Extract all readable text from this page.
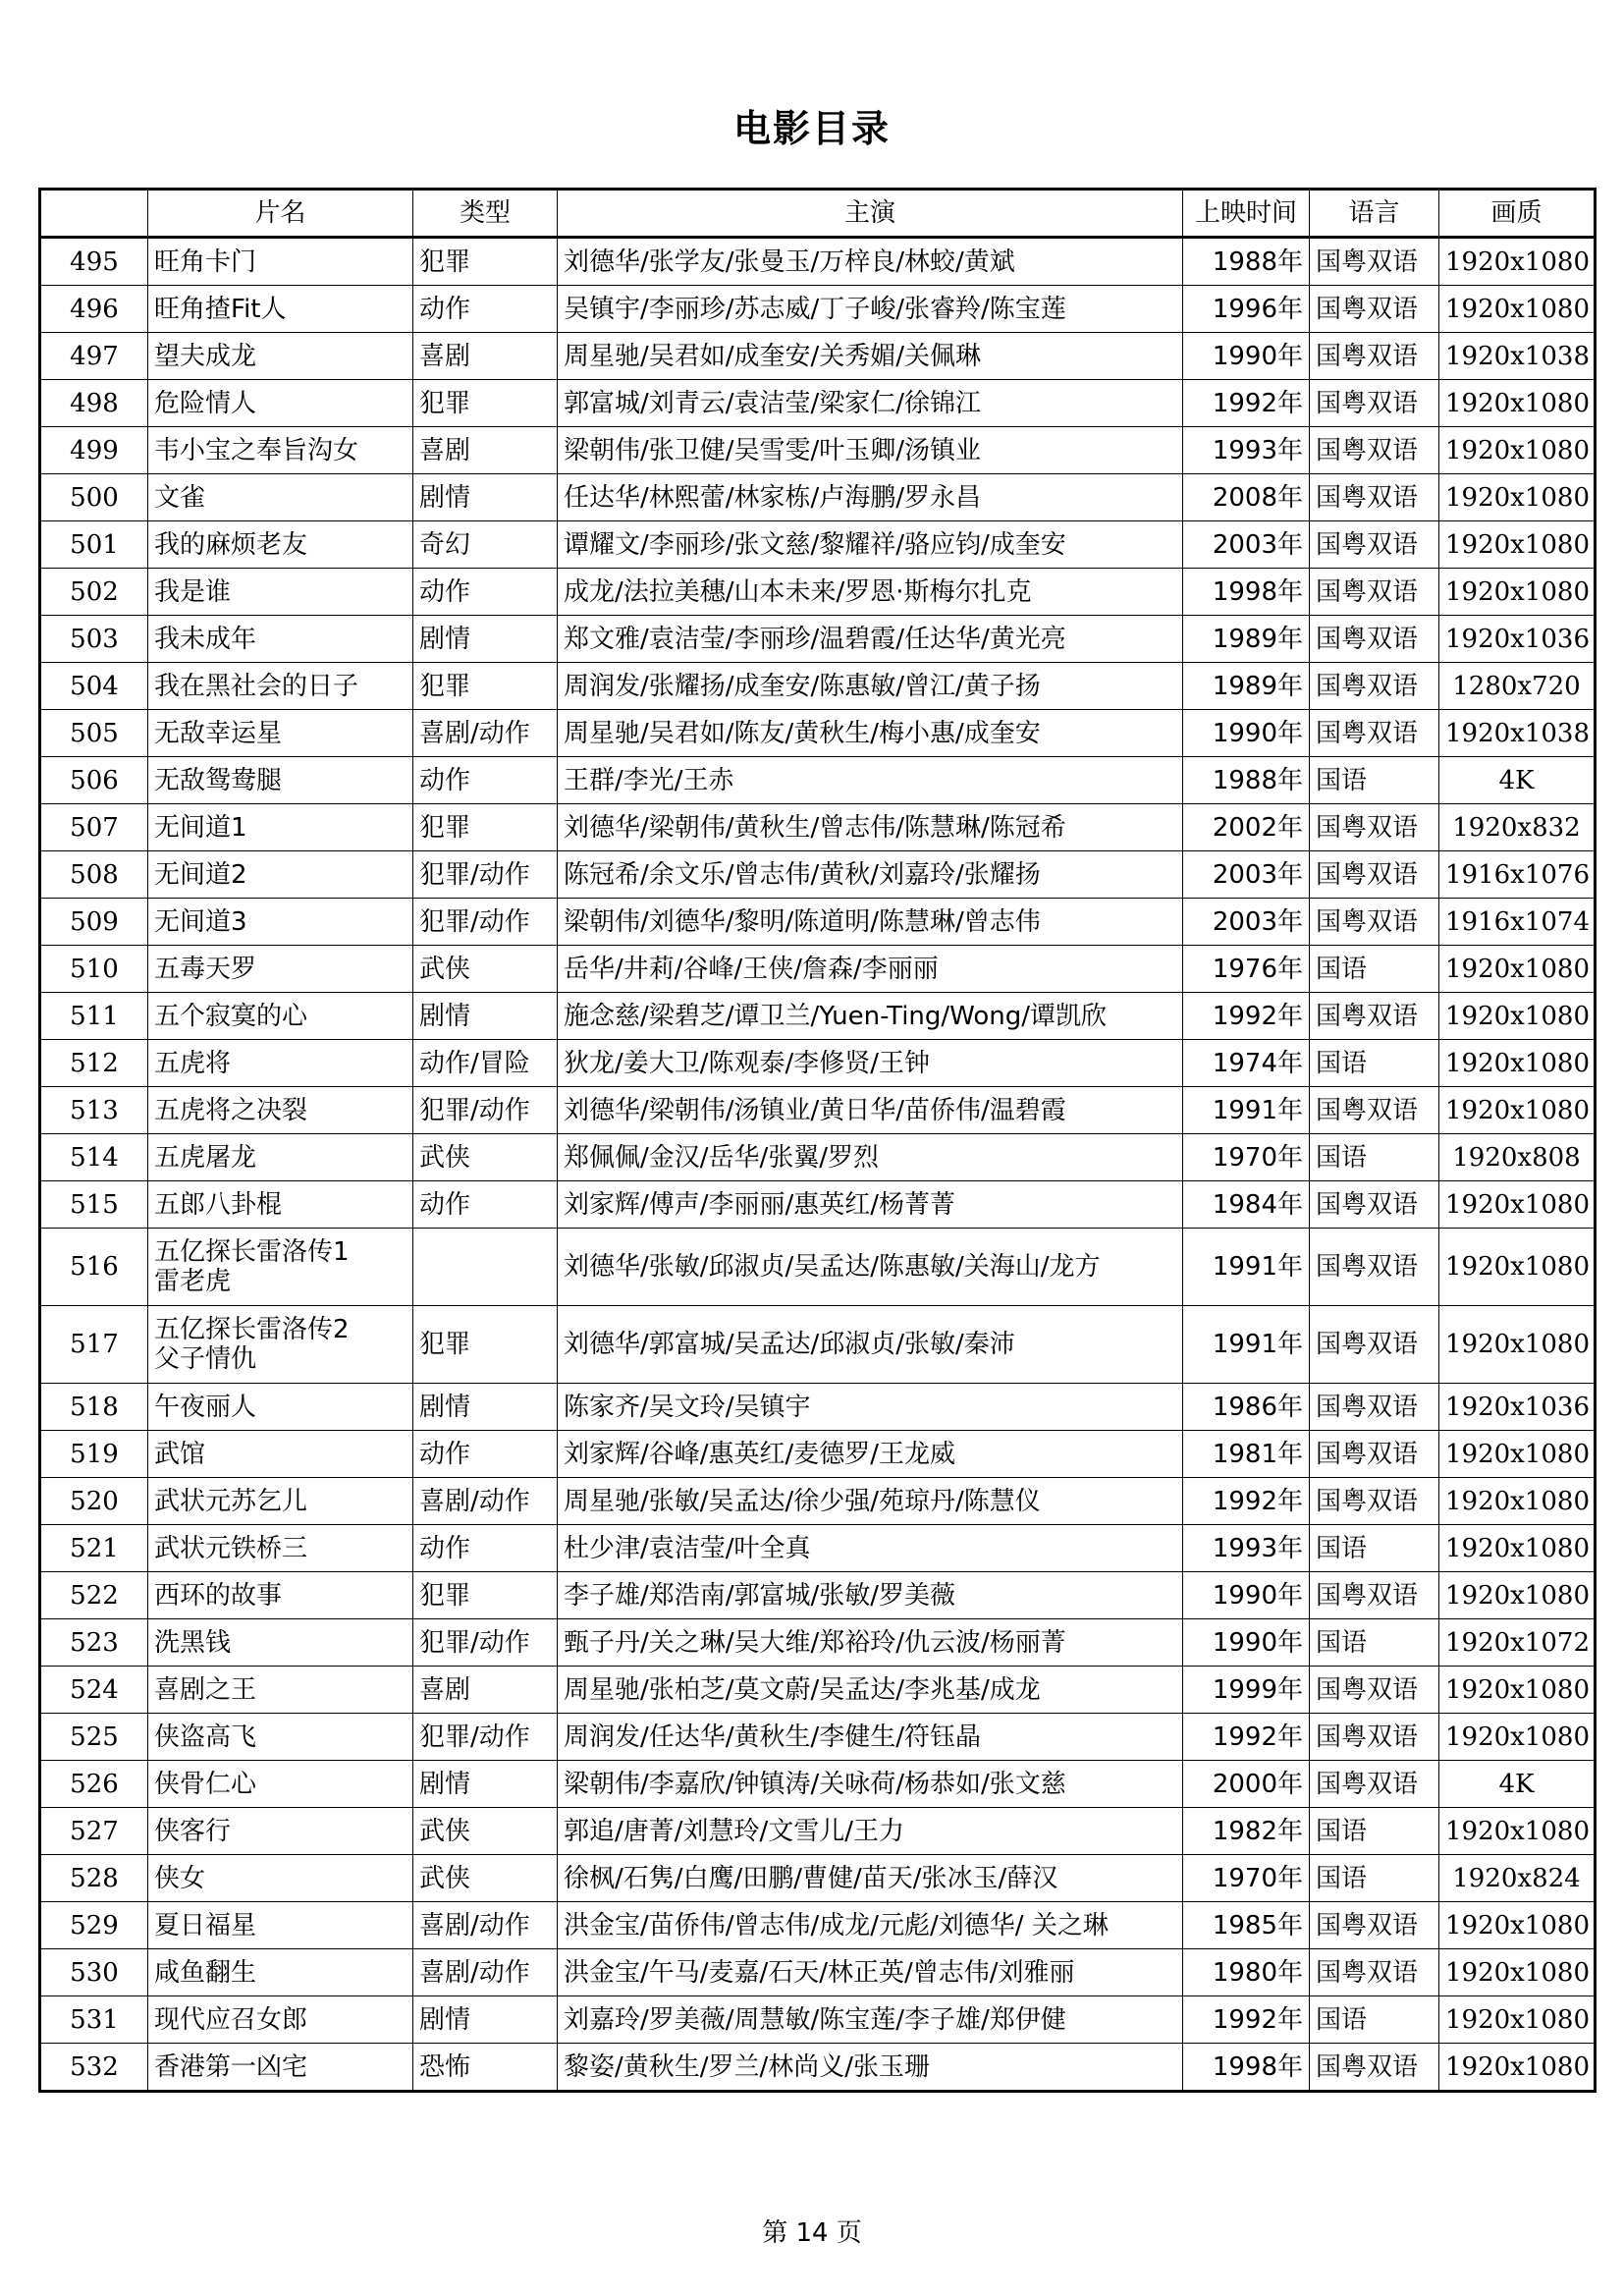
电影目录
	片名	类型	主演	上映时间	语言	画质
495	旺角卡门	犯罪	刘德华/张学友/张曼玉/万梓良/林蛟/黄斌	1988年	国粤双语	1920x1080
496	旺角揸Fit人	动作	吴镇宇/李丽珍/苏志威/丁子峻/张睿羚/陈宝莲	1996年	国粤双语	1920x1080
497	望夫成龙	喜剧	周星驰/吴君如/成奎安/关秀媚/关佩琳	1990年	国粤双语	1920x1038
498	危险情人	犯罪	郭富城/刘青云/袁洁莹/梁家仁/徐锦江	1992年	国粤双语	1920x1080
499	韦小宝之奉旨沟女	喜剧	梁朝伟/张卫健/吴雪雯/叶玉卿/汤镇业	1993年	国粤双语	1920x1080
500	文雀	剧情	任达华/林熙蕾/林家栋/卢海鹏/罗永昌	2008年	国粤双语	1920x1080
501	我的麻烦老友	奇幻	谭耀文/李丽珍/张文慈/黎耀祥/骆应钧/成奎安	2003年	国粤双语	1920x1080
502	我是谁	动作	成龙/法拉美穗/山本未来/罗恩·斯梅尔扎克	1998年	国粤双语	1920x1080
503	我未成年	剧情	郑文雅/袁洁莹/李丽珍/温碧霞/任达华/黄光亮	1989年	国粤双语	1920x1036
504	我在黑社会的日子	犯罪	周润发/张耀扬/成奎安/陈惠敏/曾江/黄子扬	1989年	国粤双语	1280x720
505	无敌幸运星	喜剧/动作	周星驰/吴君如/陈友/黄秋生/梅小惠/成奎安	1990年	国粤双语	1920x1038
506	无敌鸳鸯腿	动作	王群/李光/王赤	1988年	国语	4K
507	无间道1	犯罪	刘德华/梁朝伟/黄秋生/曾志伟/陈慧琳/陈冠希	2002年	国粤双语	1920x832
508	无间道2	犯罪/动作	陈冠希/余文乐/曾志伟/黄秋/刘嘉玲/张耀扬	2003年	国粤双语	1916x1076
509	无间道3	犯罪/动作	梁朝伟/刘德华/黎明/陈道明/陈慧琳/曾志伟	2003年	国粤双语	1916x1074
510	五毒天罗	武侠	岳华/井莉/谷峰/王侠/詹森/李丽丽	1976年	国语	1920x1080
511	五个寂寞的心	剧情	施念慈/梁碧芝/谭卫兰/Yuen-Ting/Wong/谭凯欣	1992年	国粤双语	1920x1080
512	五虎将	动作/冒险	狄龙/姜大卫/陈观泰/李修贤/王钟	1974年	国语	1920x1080
513	五虎将之决裂	犯罪/动作	刘德华/梁朝伟/汤镇业/黄日华/苗侨伟/温碧霞	1991年	国粤双语	1920x1080
514	五虎屠龙	武侠	郑佩佩/金汉/岳华/张翼/罗烈	1970年	国语	1920x808
515	五郎八卦棍	动作	刘家辉/傅声/李丽丽/惠英红/杨菁菁	1984年	国粤双语	1920x1080
516	五亿探长雷洛传1
雷老虎		刘德华/张敏/邱淑贞/吴孟达/陈惠敏/关海山/龙方	1991年	国粤双语	1920x1080
517	五亿探长雷洛传2
父子情仇	犯罪	刘德华/郭富城/吴孟达/邱淑贞/张敏/秦沛	1991年	国粤双语	1920x1080
518	午夜丽人	剧情	陈家齐/吴文玲/吴镇宇	1986年	国粤双语	1920x1036
519	武馆	动作	刘家辉/谷峰/惠英红/麦德罗/王龙威	1981年	国粤双语	1920x1080
520	武状元苏乞儿	喜剧/动作	周星驰/张敏/吴孟达/徐少强/苑琼丹/陈慧仪	1992年	国粤双语	1920x1080
521	武状元铁桥三	动作	杜少津/袁洁莹/叶全真	1993年	国语	1920x1080
522	西环的故事	犯罪	李子雄/郑浩南/郭富城/张敏/罗美薇	1990年	国粤双语	1920x1080
523	洗黑钱	犯罪/动作	甄子丹/关之琳/吴大维/郑裕玲/仇云波/杨丽菁	1990年	国语	1920x1072
524	喜剧之王	喜剧	周星驰/张柏芝/莫文蔚/吴孟达/李兆基/成龙	1999年	国粤双语	1920x1080
525	侠盗高飞	犯罪/动作	周润发/任达华/黄秋生/李健生/符钰晶	1992年	国粤双语	1920x1080
526	侠骨仁心	剧情	梁朝伟/李嘉欣/钟镇涛/关咏荷/杨恭如/张文慈	2000年	国粤双语	4K
527	侠客行	武侠	郭追/唐菁/刘慧玲/文雪儿/王力	1982年	国语	1920x1080
528	侠女	武侠	徐枫/石隽/白鹰/田鹏/曹健/苗天/张冰玉/薛汉	1970年	国语	1920x824
529	夏日福星	喜剧/动作	洪金宝/苗侨伟/曾志伟/成龙/元彪/刘德华/ 关之琳	1985年	国粤双语	1920x1080
530	咸鱼翻生	喜剧/动作	洪金宝/午马/麦嘉/石天/林正英/曾志伟/刘雅丽	1980年	国粤双语	1920x1080
531	现代应召女郎	剧情	刘嘉玲/罗美薇/周慧敏/陈宝莲/李子雄/郑伊健	1992年	国语	1920x1080
532	香港第一凶宅	恐怖	黎姿/黄秋生/罗兰/林尚义/张玉珊	1998年	国粤双语	1920x1080
第 14 页
